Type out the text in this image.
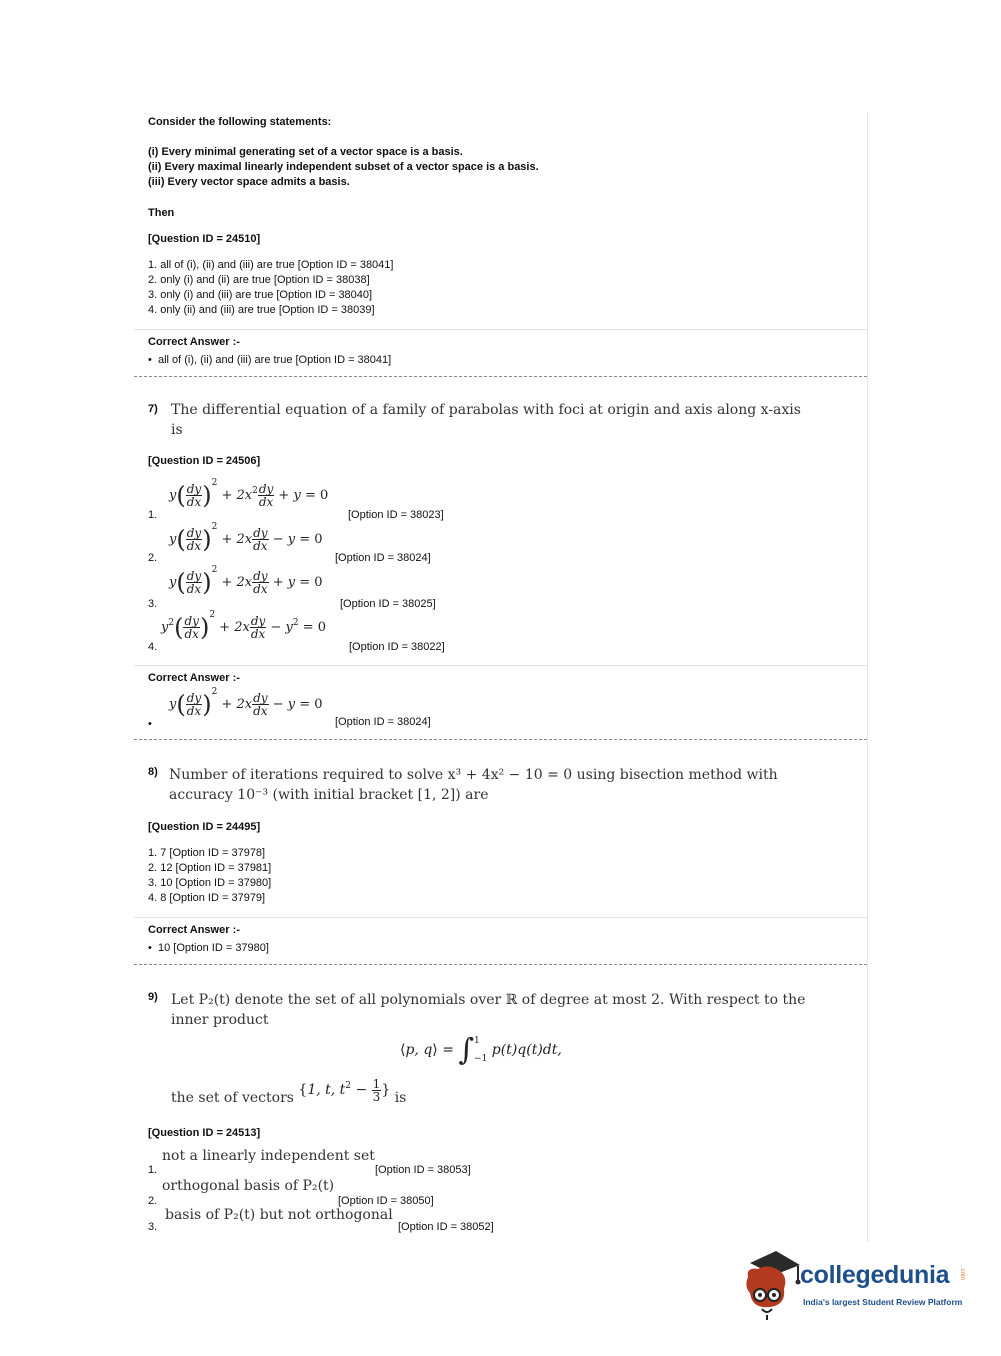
Consider the following statements:
(i) Every minimal generating set of a vector space is a basis.
(ii) Every maximal linearly independent subset of a vector space is a basis.
(iii) Every vector space admits a basis.
Then
[Question ID = 24510]
1. all of (i), (ii) and (iii) are true [Option ID = 38041]
2. only (i) and (ii) are true [Option ID = 38038]
3. only (i) and (iii) are true [Option ID = 38040]
4. only (ii) and (iii) are true [Option ID = 38039]
Correct Answer :-
•  all of (i), (ii) and (iii) are true [Option ID = 38041]
7) The differential equation of a family of parabolas with foci at origin and axis along x-axis is
[Question ID = 24506]
1.
$y( \frac{dy}{dx} )^2 + 2x^2 \frac{dy}{dx} + y = 0$
[Option ID = 38023]
2.
$y( \frac{dy}{dx} )^2 + 2x \frac{dy}{dx} - y = 0$
[Option ID = 38024]
3.
$y( \frac{dy}{dx} )^2 + 2x \frac{dy}{dx} + y = 0$
[Option ID = 38025]
4.
$y^2( \frac{dy}{dx} )^2 + 2x \frac{dy}{dx} - y^2 = 0$
[Option ID = 38022]
Correct Answer :-
•
$y( \frac{dy}{dx} )^2 + 2x \frac{dy}{dx} - y = 0$
[Option ID = 38024]
8) Number of iterations required to solve x³ + 4x² − 10 = 0 using bisection method with
accuracy 10⁻³ (with initial bracket [1, 2]) are
[Question ID = 24495]
1. 7 [Option ID = 37978]
2. 12 [Option ID = 37981]
3. 10 [Option ID = 37980]
4. 8 [Option ID = 37979]
Correct Answer :-
•  10 [Option ID = 37980]
9) Let P₂(t) denote the set of all polynomials over ℝ of degree at most 2. With respect to the
inner product
⟨p, q⟩ = ∫ 1
−1
p(t)q(t)dt,
the set of vectors {1, t, $t^2 - \frac{1}{3}$ } is
[Question ID = 24513]
1.
not a linearly independent set
[Option ID = 38053]
2.
orthogonal basis of P₂(t)
[Option ID = 38050]
3.
basis of P₂(t) but not orthogonal
[Option ID = 38052]
collegedunia .com
India's largest Student Review Platform
